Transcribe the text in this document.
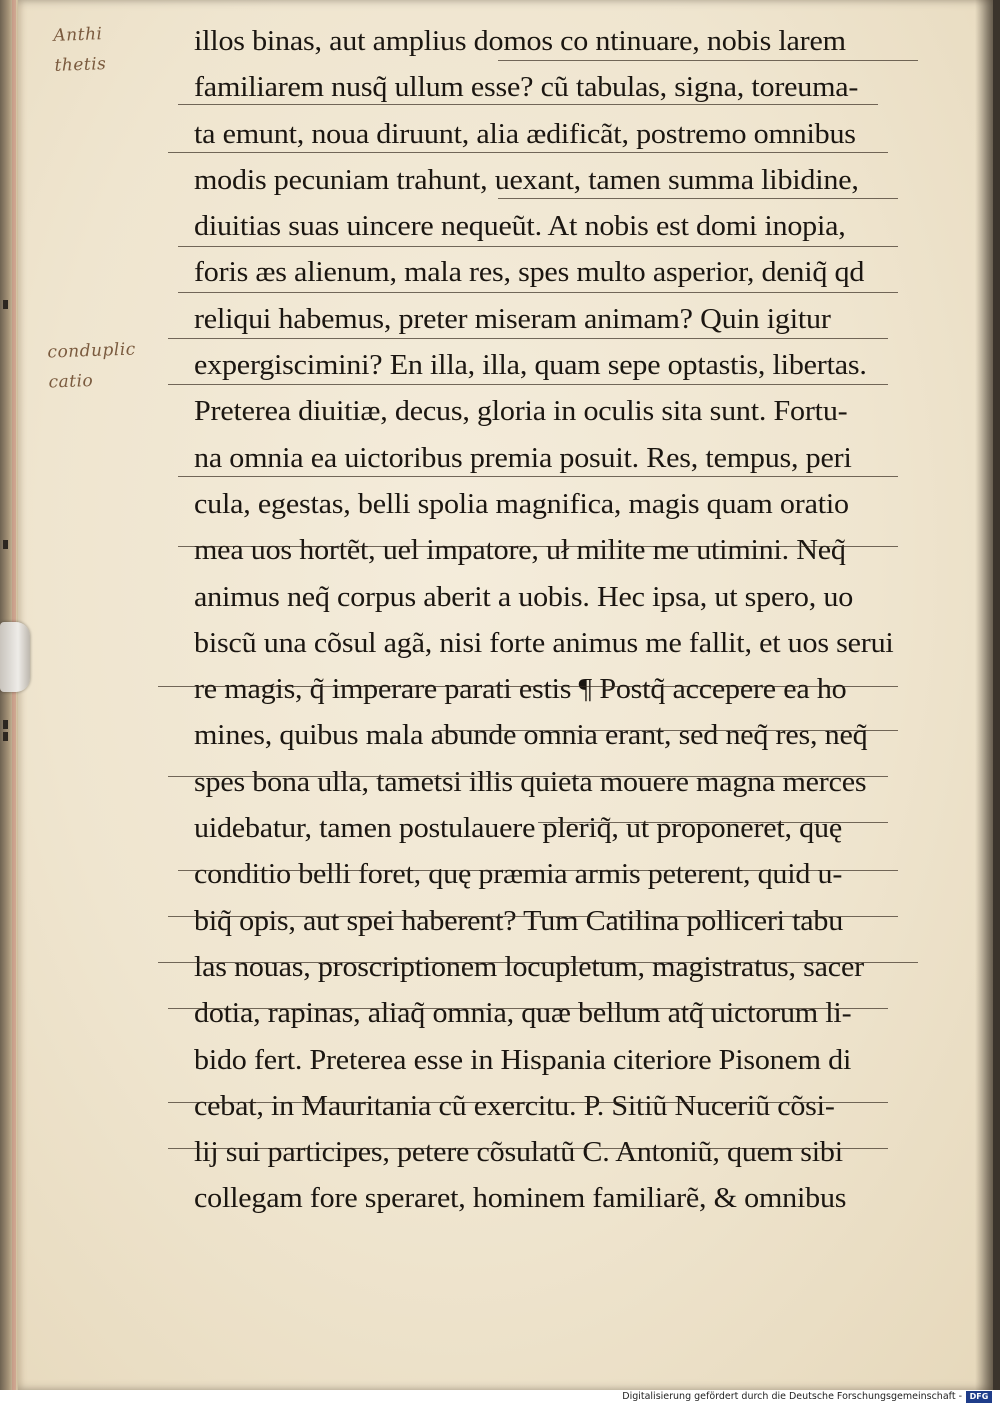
Anthi
thetis
conduplic
catio
illos binas, aut amplius domos co ntinuare, nobis larem
familiarem nusq̃ ullum esse? cũ tabulas, signa, toreuma-
ta emunt, noua diruunt, alia ædificãt, postremo omnibus
modis pecuniam trahunt, uexant, tamen summa libidine,
diuitias suas uincere nequeũt. At nobis est domi inopia,
foris æs alienum, mala res, spes multo asperior, deniq̃ qd
reliqui habemus, preter miseram animam? Quin igitur
expergiscimini? En illa, illa, quam sepe optastis, libertas.
Preterea diuitiæ, decus, gloria in oculis sita sunt. Fortu-
na omnia ea uictoribus premia posuit. Res, tempus, peri
cula, egestas, belli spolia magnifica, magis quam oratio
mea uos hortẽt, uel impatore, uł milite me utimini. Neq̃
animus neq̃ corpus aberit a uobis. Hec ipsa, ut spero, uo
biscũ una cõsul agã, nisi forte animus me fallit, et uos serui
re magis, q̃ imperare parati estis ¶ Postq̃ accepere ea ho
mines, quibus mala abunde omnia erant, sed neq̃ res, neq̃
spes bona ulla, tametsi illis quieta mouere magna merces
uidebatur, tamen postulauere pleriq̃, ut proponeret, quę
conditio belli foret, quę præmia armis peterent, quid u-
biq̃ opis, aut spei haberent? Tum Catilina polliceri tabu
las nouas, proscriptionem locupletum, magistratus, sacer
dotia, rapinas, aliaq̃ omnia, quæ bellum atq̃ uictorum li-
bido fert. Preterea esse in Hispania citeriore Pisonem di
cebat, in Mauritania cũ exercitu. P. Sitiũ Nuceriũ cõsi-
lij sui participes, petere cõsulatũ C. Antoniũ, quem sibi
collegam fore speraret, hominem familiarẽ, & omnibus
Digitalisierung gefördert durch die Deutsche Forschungsgemeinschaft - DFG
